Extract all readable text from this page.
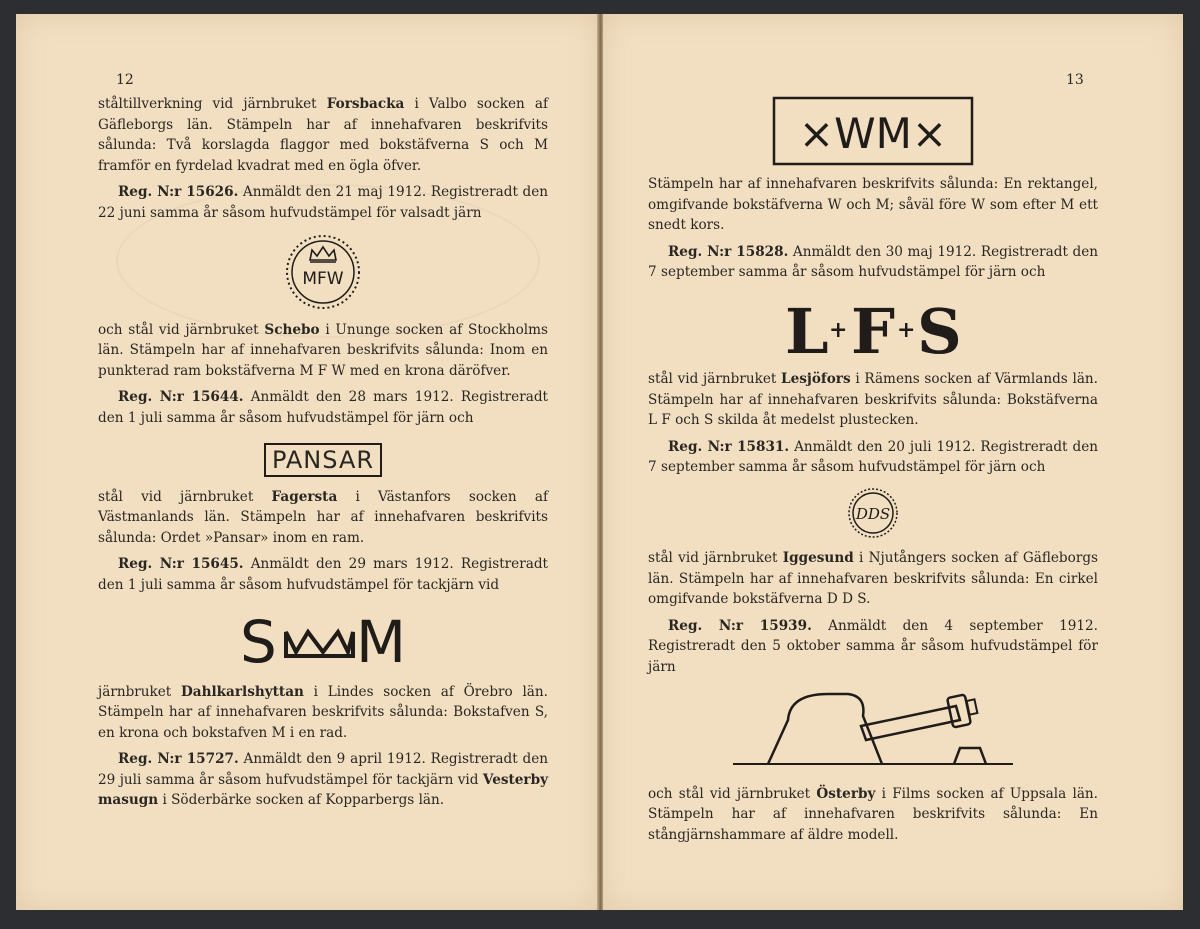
12

ståltillverkning vid järnbruket Forsbacka i Valbo socken af Gäfleborgs län. Stämpeln har af innehafvaren beskrifvits sålunda: Två korslagda flaggor med bokstäfverna S och M framför en fyrdelad kvadrat med en ögla öfver.

Reg. N:r 15626. Anmäldt den 21 maj 1912. Registreradt den 22 juni samma år såsom hufvudstämpel för valsadt järn

MFW

och stål vid järnbruket Schebo i Ununge socken af Stockholms län. Stämpeln har af innehafvaren beskrifvits sålunda: Inom en punkterad ram bokstäfverna M F W med en krona däröfver.

Reg. N:r 15644. Anmäldt den 28 mars 1912. Registreradt den 1 juli samma år såsom hufvudstämpel för järn och

PANSAR

stål vid järnbruket Fagersta i Västanfors socken af Västmanlands län. Stämpeln har af innehafvaren beskrifvits sålunda: Ordet »Pansar» inom en ram.

Reg. N:r 15645. Anmäldt den 29 mars 1912. Registreradt den 1 juli samma år såsom hufvudstämpel för tackjärn vid

S M

järnbruket Dahlkarlshyttan i Lindes socken af Örebro län. Stämpeln har af innehafvaren beskrifvits sålunda: Bokstafven S, en krona och bokstafven M i en rad.

Reg. N:r 15727. Anmäldt den 9 april 1912. Registreradt den 29 juli samma år såsom hufvudstämpel för tackjärn vid Vesterby masugn i Söderbärke socken af Kopparbergs län.

13
×WM×

Stämpeln har af innehafvaren beskrifvits sålunda: En rektangel, omgifvande bokstäfverna W och M; såväl före W som efter M ett snedt kors.

Reg. N:r 15828. Anmäldt den 30 maj 1912. Registreradt den 7 september samma år såsom hufvudstämpel för järn och

L + F + S

stål vid järnbruket Lesjöfors i Rämens socken af Värmlands län. Stämpeln har af innehafvaren beskrifvits sålunda: Bokstäfverna L F och S skilda åt medelst plustecken.

Reg. N:r 15831. Anmäldt den 20 juli 1912. Registreradt den 7 september samma år såsom hufvudstämpel för järn och

DDS

stål vid järnbruket Iggesund i Njutångers socken af Gäfleborgs län. Stämpeln har af innehafvaren beskrifvits sålunda: En cirkel omgifvande bokstäfverna D D S.

Reg. N:r 15939. Anmäldt den 4 september 1912. Registreradt den 5 oktober samma år såsom hufvudstämpel för järn

och stål vid järnbruket Österby i Films socken af Uppsala län. Stämpeln har af innehafvaren beskrifvits sålunda: En stångjärnshammare af äldre modell.
